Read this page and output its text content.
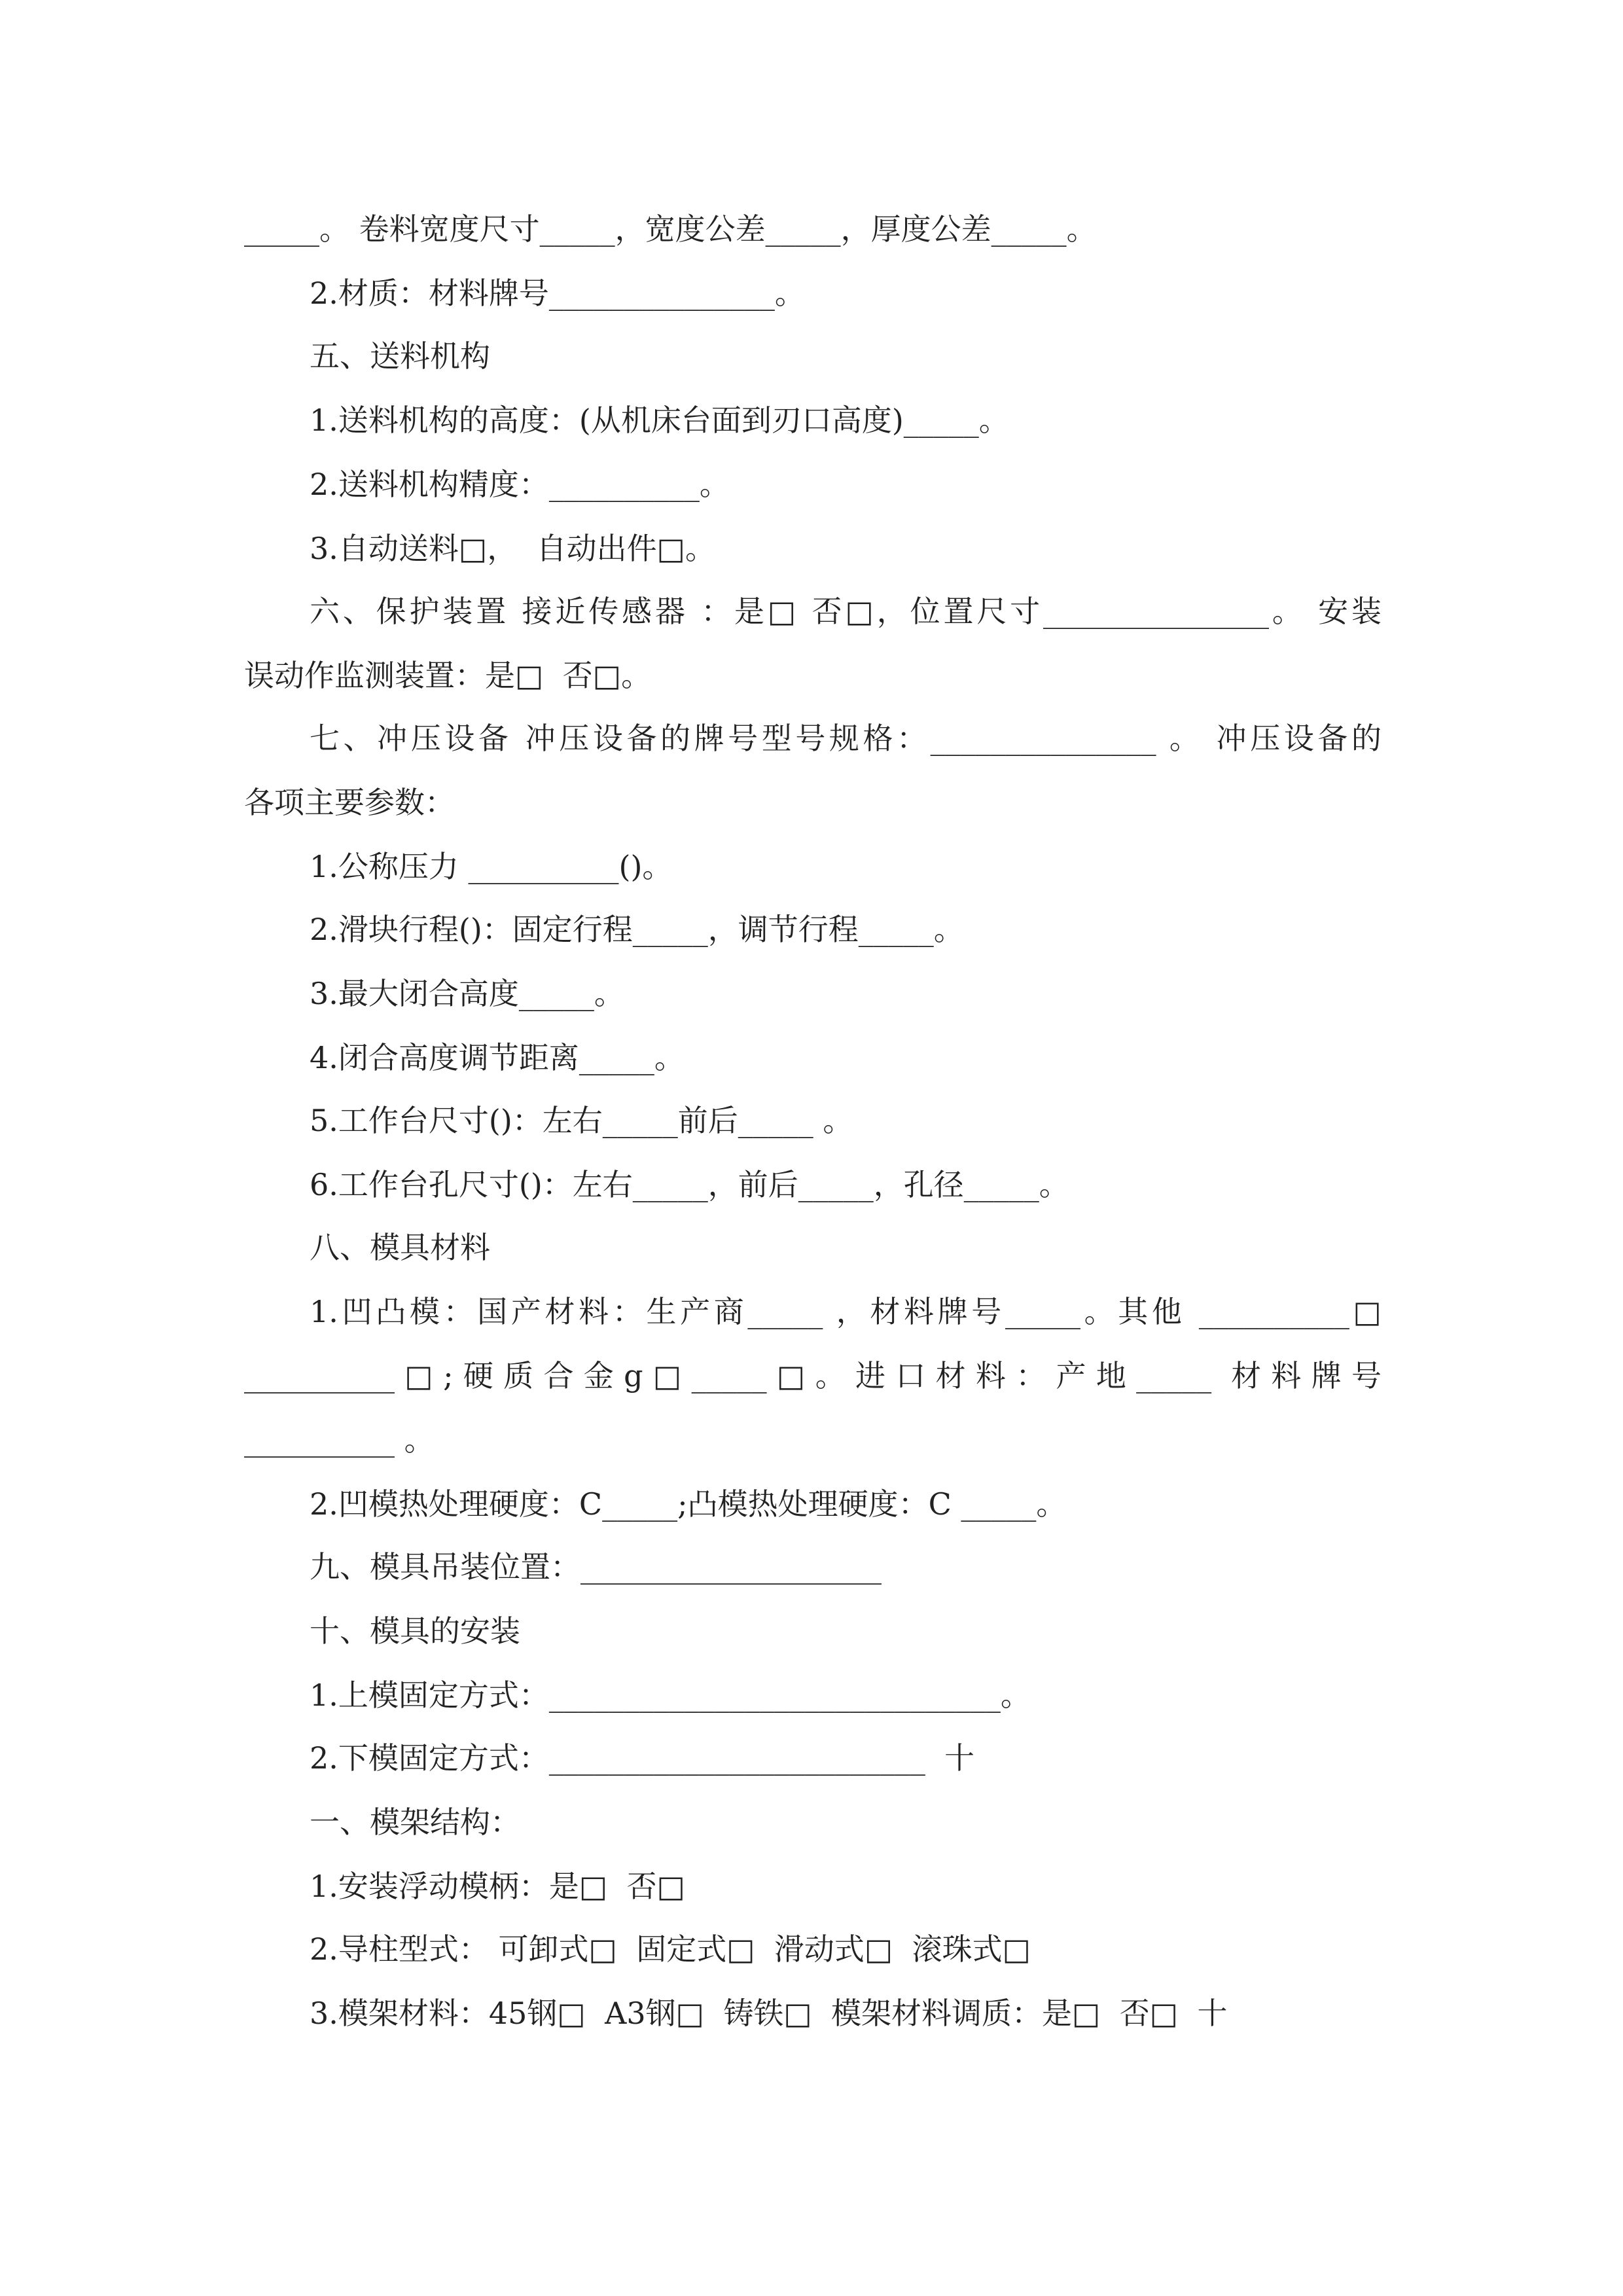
_____。 卷料宽度尺寸_____，宽度公差_____，厚度公差_____。
2.材质：材料牌号_______________。
五、送料机构
1.送料机构的高度：(从机床台面到刃口高度)_____。
2.送料机构精度：__________。
3.自动送料□，  自动出件□。
六、保护装置 接近传感器 ：是□ 否□，位置尺寸_______________。 安装
误动作监测装置：是□  否□。
七、冲压设备 冲压设备的牌号型号规格：_______________ 。 冲压设备的
各项主要参数：
1.公称压力 __________()。
2.滑块行程()：固定行程_____，调节行程_____。
3.最大闭合高度_____。
4.闭合高度调节距离_____。
5.工作台尺寸()：左右_____前后_____ 。
6.工作台孔尺寸()：左右_____，前后_____，孔径_____。
八、模具材料
1.凹凸模：国产材料：生产商_____ ，材料牌号_____。其他 __________□
__________□;硬质合金g□_____□。进口材料：产地_____ 材料牌号
__________ 。
2.凹模热处理硬度：C_____;凸模热处理硬度：C _____。
九、模具吊装位置：____________________
十、模具的安装
1.上模固定方式：______________________________。
2.下模固定方式：_________________________  十
一、模架结构：
1.安装浮动模柄：是□  否□
2.导柱型式： 可卸式□  固定式□  滑动式□  滚珠式□
3.模架材料：45钢□  A3钢□  铸铁□  模架材料调质：是□  否□  十
